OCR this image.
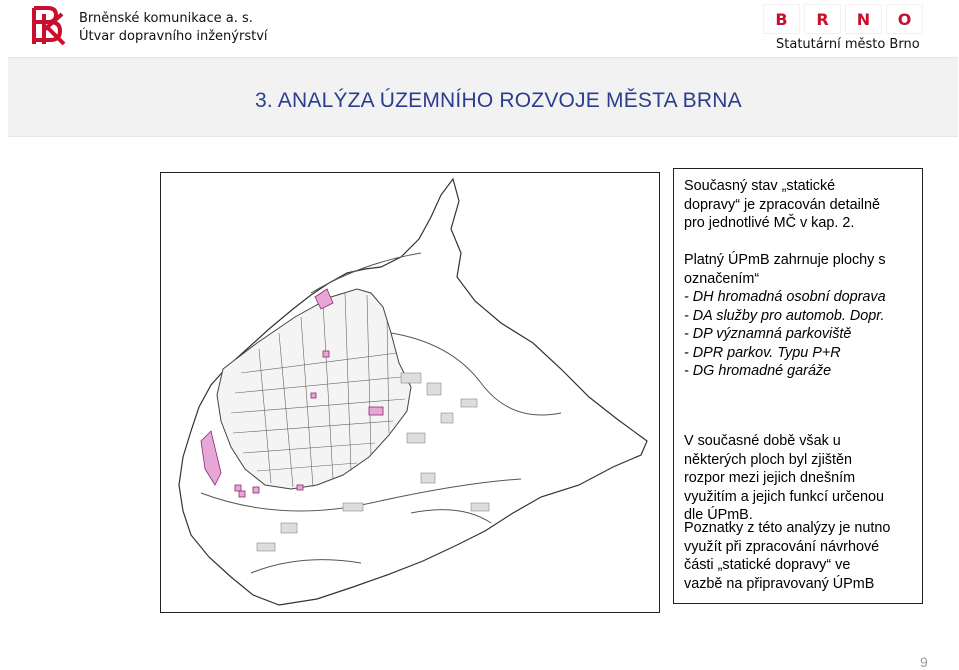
Brněnské komunikace a. s.
Útvar dopravního inženýrství
B	R	N	O
Statutární město Brno
3. ANALÝZA ÚZEMNÍHO ROZVOJE MĚSTA BRNA
Současný stav „statické
dopravy“ je zpracován detailně
pro jednotlivé MČ v kap. 2.
Platný ÚPmB zahrnuje plochy s
označením“
- DH hromadná osobní doprava
- DA služby pro automob. Dopr.
- DP významná parkoviště
- DPR parkov. Typu P+R
- DG hromadné garáže
V současné době však u
některých ploch byl zjištěn
rozpor mezi jejich dnešním
využitím a jejich funkcí určenou
dle ÚPmB.
Poznatky z této analýzy je nutno
využít při zpracování návrhové
části „statické dopravy“ ve
vazbě na připravovaný ÚPmB
9
